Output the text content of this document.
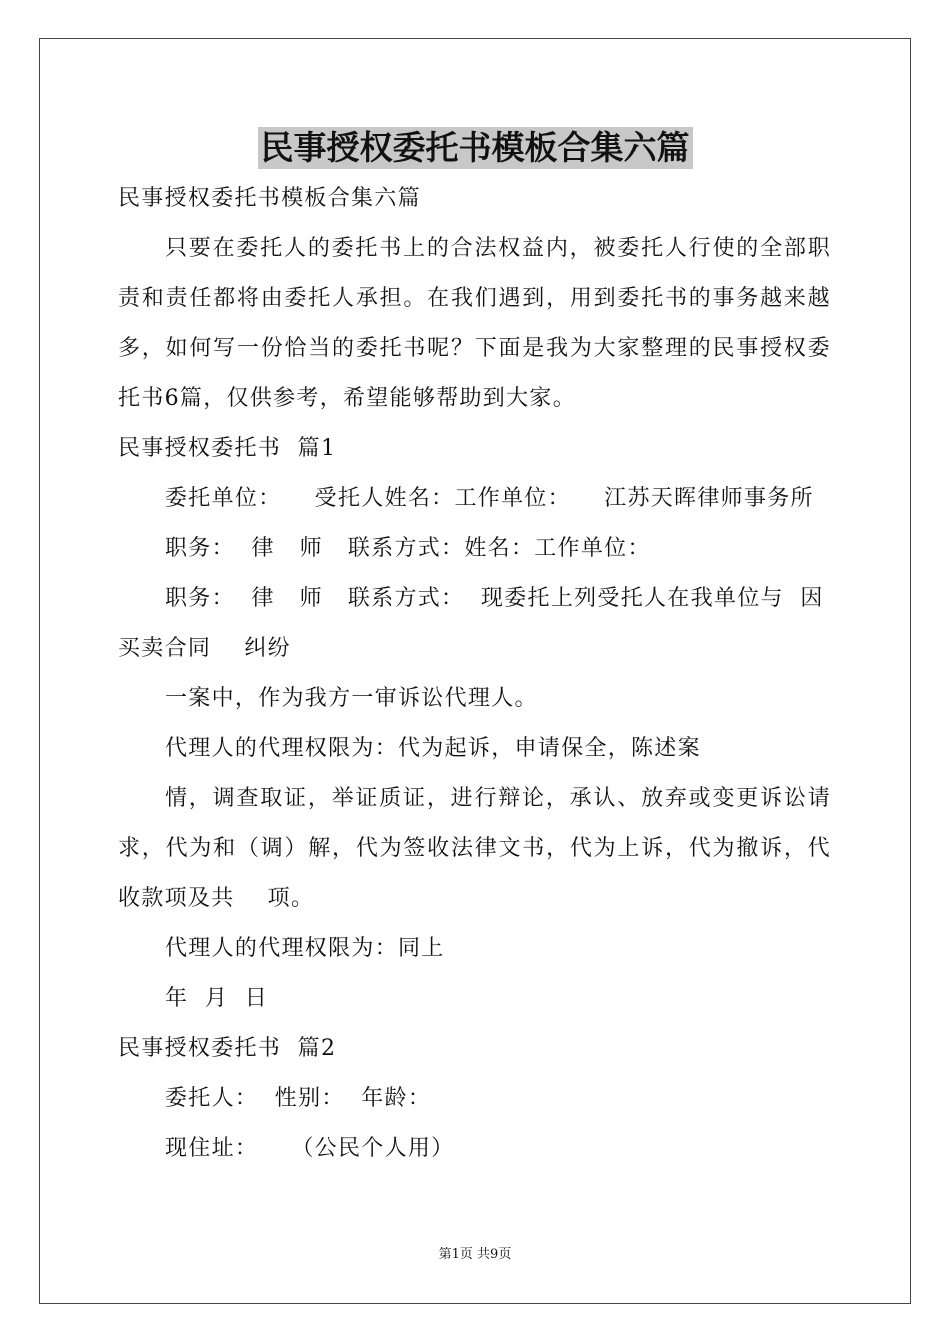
民事授权委托书模板合集六篇
民事授权委托书模板合集六篇
只要在委托人的委托书上的合法权益内，被委托人行使的全部职
责和责任都将由委托人承担。在我们遇到，用到委托书的事务越来越
多，如何写一份恰当的委托书呢？下面是我为大家整理的民事授权委
托书6篇，仅供参考，希望能够帮助到大家。
民事授权委托书  篇1
委托单位：    受托人姓名：工作单位：    江苏天晖律师事务所
职务：  律   师   联系方式：姓名：工作单位：
职务：  律   师   联系方式：  现委托上列受托人在我单位与  因
买卖合同    纠纷
一案中，作为我方一审诉讼代理人。
代理人的代理权限为：代为起诉，申请保全，陈述案
情，调查取证，举证质证，进行辩论，承认、放弃或变更诉讼请
求，代为和（调）解，代为签收法律文书，代为上诉，代为撤诉，代
收款项及共    项。
代理人的代理权限为：同上
年  月  日
民事授权委托书  篇2
委托人：  性别：  年龄：
现住址：    （公民个人用）
第1页 共9页
